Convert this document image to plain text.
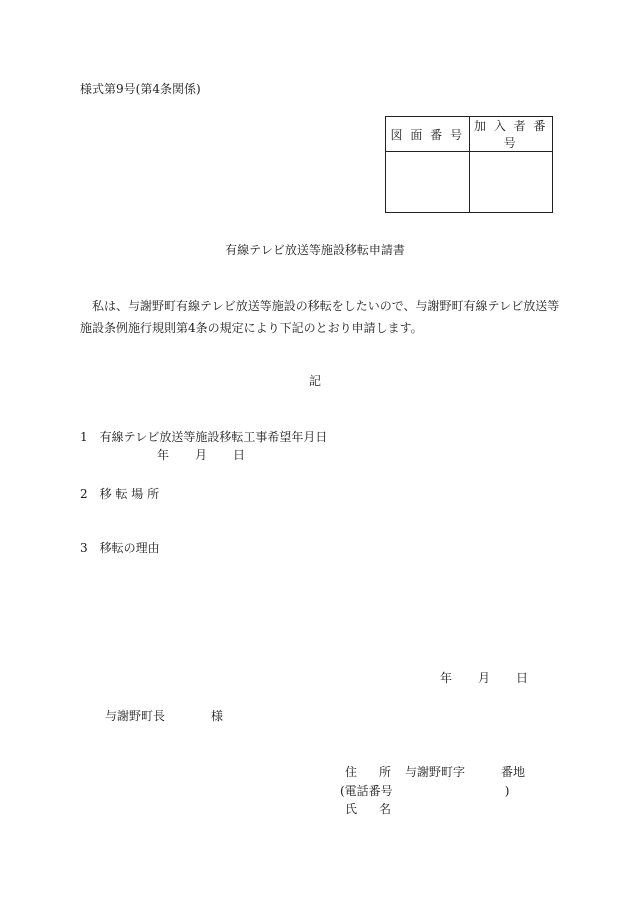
様式第9号(第4条関係)
図 面 番 号	加 入 者 番 号

有線テレビ放送等施設移転申請書
私は、与謝野町有線テレビ放送等施設の移転をしたいので、与謝野町有線テレビ放送等施設条例施行規則第4条の規定により下記のとおり申請します。
記
1　有線テレビ放送等施設移転工事希望年月日
年 月 日
2　移 転 場 所
3　移転の理由
年 月 日
与謝野町長	様
住 所 与謝野町字	番地
(電話番号	)
氏 名
